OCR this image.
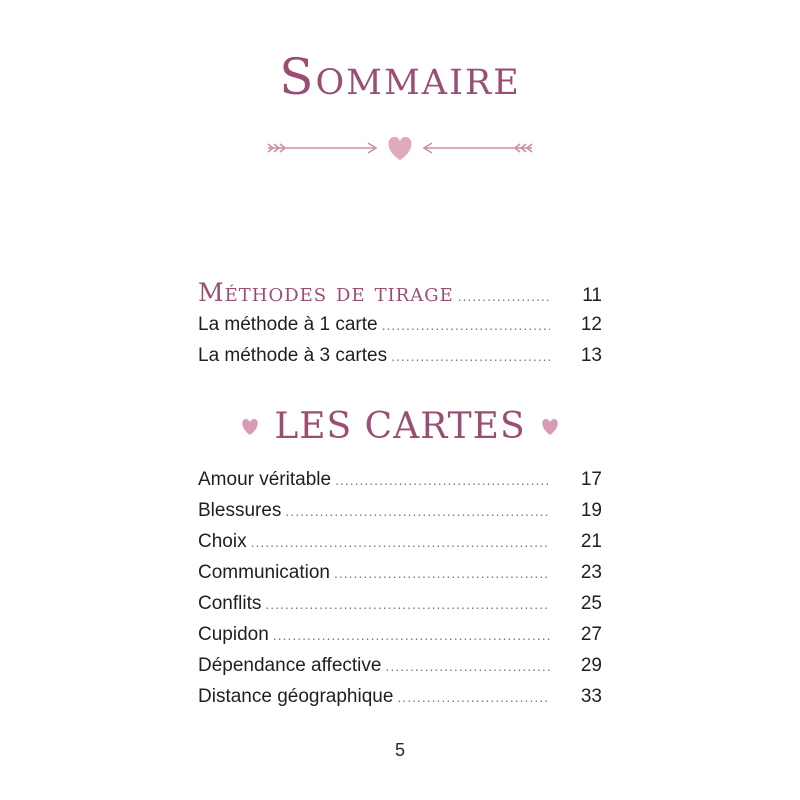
Sommaire
Méthodes de tirage .....	11
La méthode à 1 carte .....	12
La méthode à 3 cartes .....	13
LES CARTES
Amour véritable .....	17
Blessures .....	19
Choix .....	21
Communication .....	23
Conflits .....	25
Cupidon .....	27
Dépendance affective .....	29
Distance géographique .....	33
5
